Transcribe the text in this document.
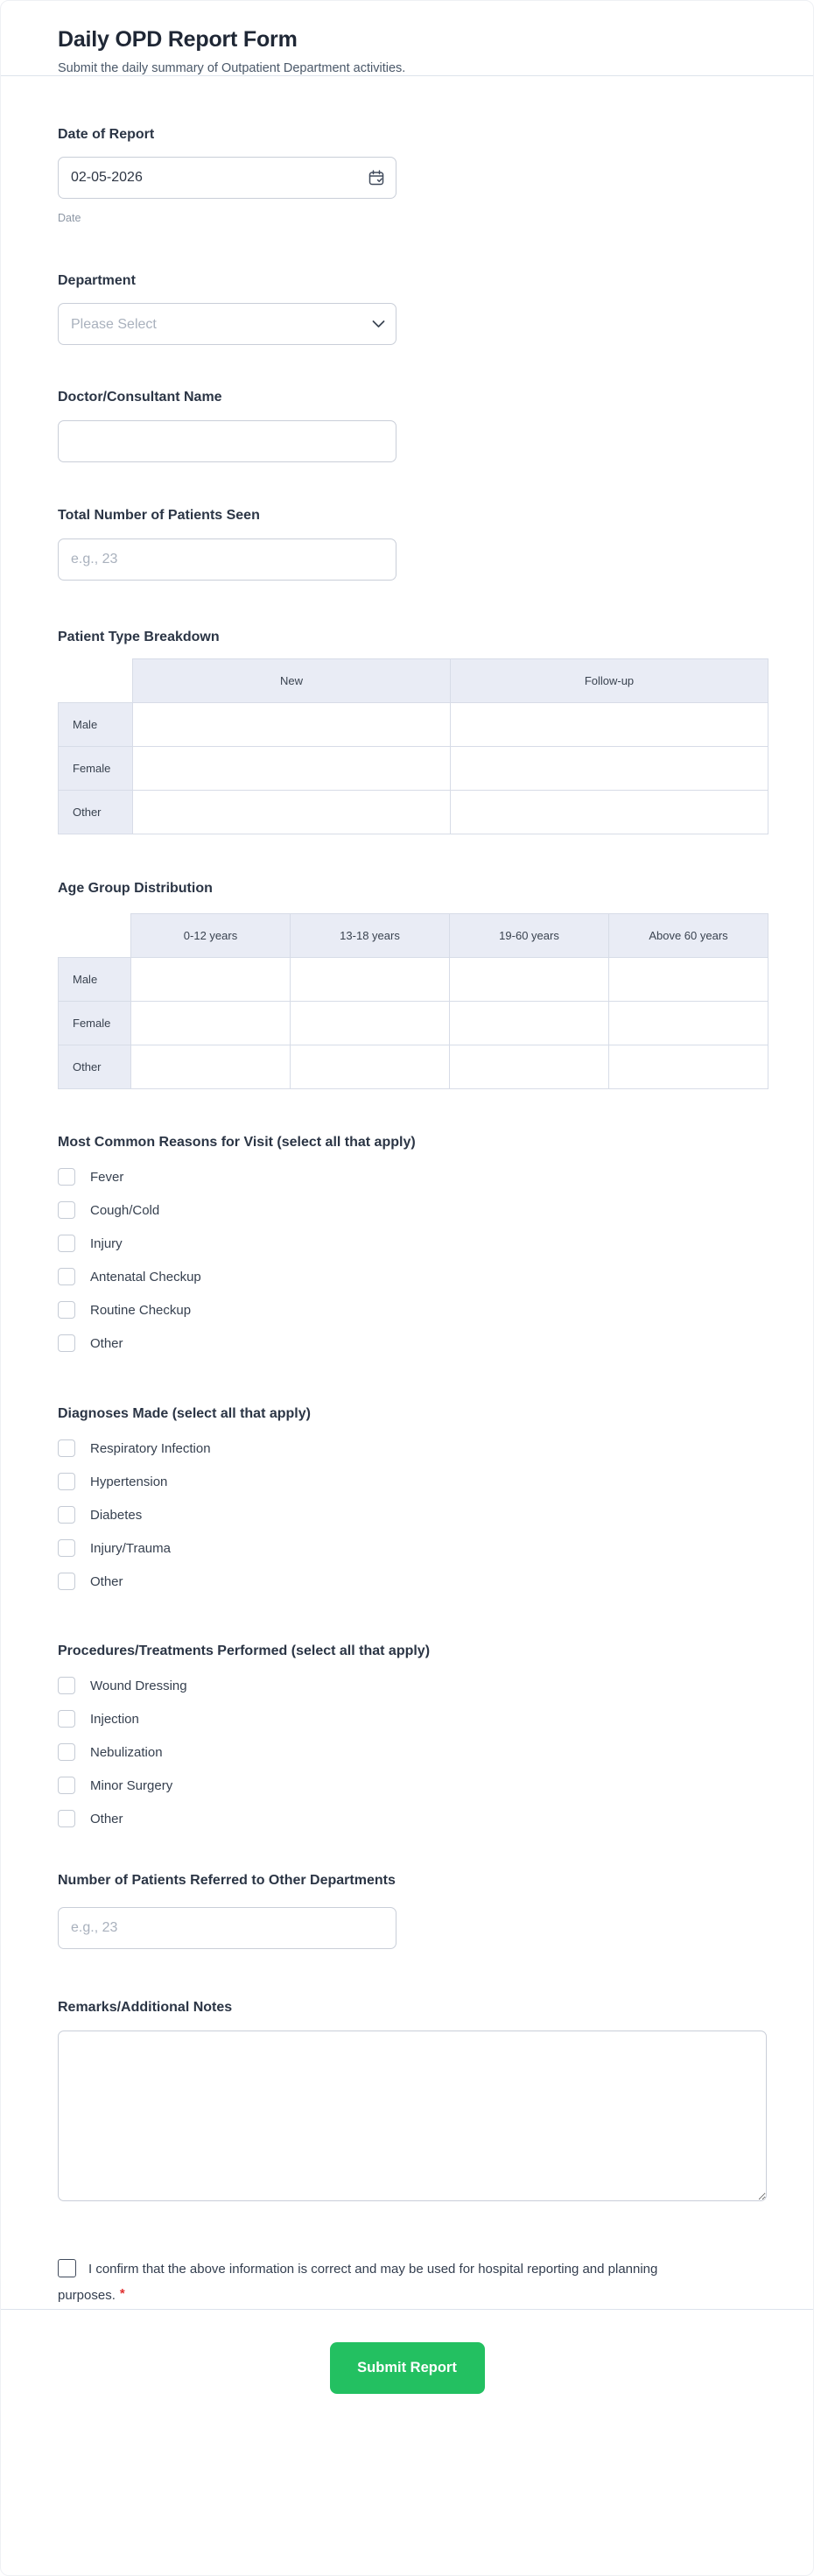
Daily OPD Report Form

Submit the daily summary of Outpatient Department activities.

Date of Report
02-05-2026
Date
Department
Please Select
Doctor/Consultant Name
Total Number of Patients Seen
e.g., 23
Patient Type Breakdown
	New	Follow-up
Male		
Female		
Other		
Age Group Distribution
	0-12 years	13-18 years	19-60 years	Above 60 years
Male				
Female				
Other				
Most Common Reasons for Visit (select all that apply)
Fever
Cough/Cold
Injury
Antenatal Checkup
Routine Checkup
Other
Diagnoses Made (select all that apply)
Respiratory Infection
Hypertension
Diabetes
Injury/Trauma
Other
Procedures/Treatments Performed (select all that apply)
Wound Dressing
Injection
Nebulization
Minor Surgery
Other
Number of Patients Referred to Other Departments
e.g., 23
Remarks/Additional Notes
I confirm that the above information is correct and may be used for hospital reporting and planning purposes. *
Submit Report
